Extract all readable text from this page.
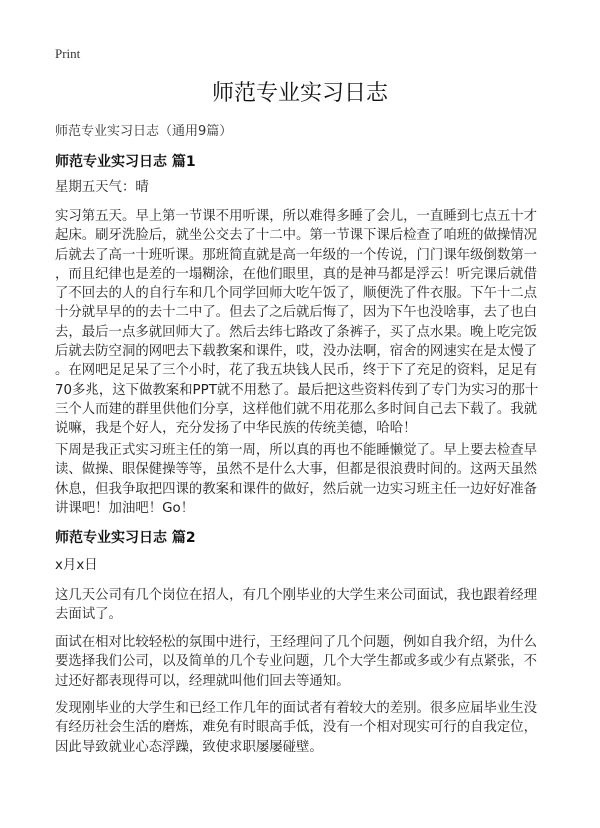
Print
师范专业实习日志
师范专业实习日志（通用9篇）
师范专业实习日志 篇1
星期五天气：晴
实习第五天。早上第一节课不用听课，所以难得多睡了会儿，一直睡到七点五十才
起床。刷牙洗脸后，就坐公交去了十二中。第一节课下课后检查了咱班的做操情况
后就去了高一十班听课。那班简直就是高一年级的一个传说，门门课年级倒数第一
，而且纪律也是差的一塌糊涂，在他们眼里，真的是神马都是浮云！听完课后就借
了不回去的人的自行车和几个同学回师大吃午饭了，顺便洗了件衣服。下午十二点
十分就早早的的去十二中了。但去了之后就后悔了，因为下午也没啥事，去了也白
去，最后一点多就回师大了。然后去纬七路改了条裤子，买了点水果。晚上吃完饭
后就去防空洞的网吧去下载教案和课件，哎，没办法啊，宿舍的网速实在是太慢了
。在网吧足足呆了三个小时，花了我五块钱人民币，终于下了充足的资料，足足有
70多兆，这下做教案和PPT就不用愁了。最后把这些资料传到了专门为实习的那十
三个人而建的群里供他们分享，这样他们就不用花那么多时间自己去下载了。我就
说嘛，我是个好人，充分发扬了中华民族的传统美德，哈哈！
下周是我正式实习班主任的第一周，所以真的再也不能睡懒觉了。早上要去检查早
读、做操、眼保健操等等，虽然不是什么大事，但都是很浪费时间的。这两天虽然
休息，但我争取把四课的教案和课件的做好，然后就一边实习班主任一边好好准备
讲课吧！加油吧！Go！
师范专业实习日志 篇2
x月x日
这几天公司有几个岗位在招人，有几个刚毕业的大学生来公司面试，我也跟着经理
去面试了。
面试在相对比较轻松的氛围中进行，王经理问了几个问题，例如自我介绍，为什么
要选择我们公司，以及简单的几个专业问题，几个大学生都或多或少有点紧张，不
过还好都表现得可以，经理就叫他们回去等通知。
发现刚毕业的大学生和已经工作几年的面试者有着较大的差别。很多应届毕业生没
有经历社会生活的磨炼，难免有时眼高手低，没有一个相对现实可行的自我定位，
因此导致就业心态浮躁，致使求职屡屡碰壁。
